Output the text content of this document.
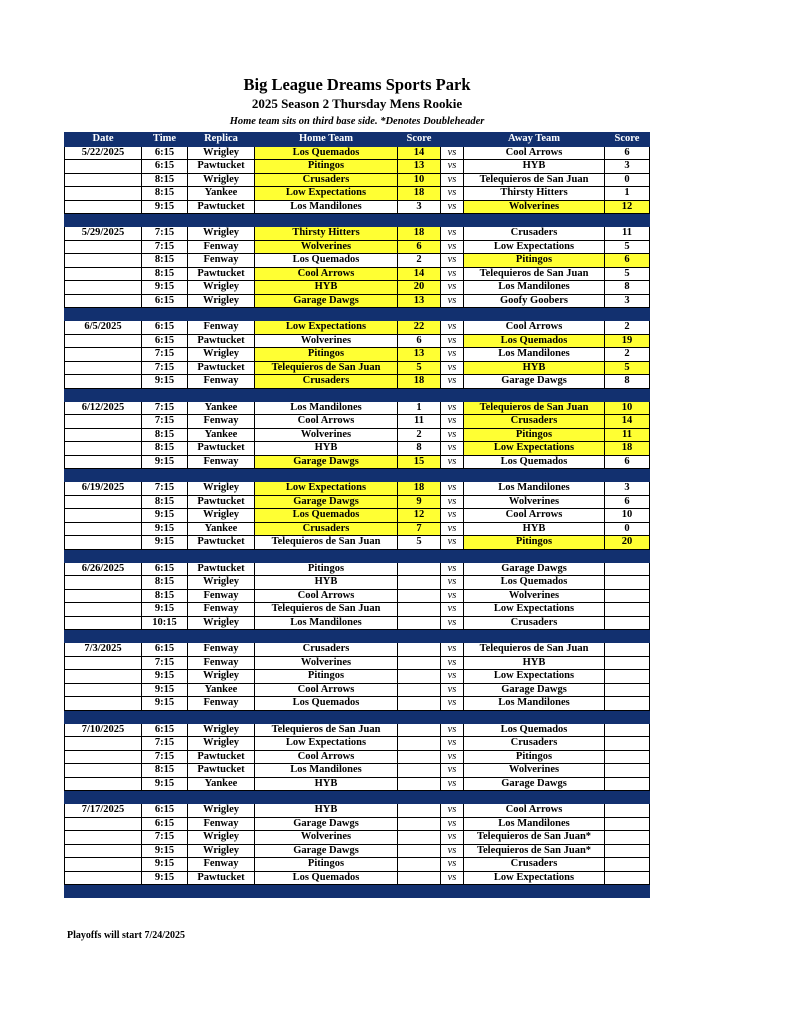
Big League Dreams Sports Park
2025 Season 2 Thursday Mens Rookie
Home team sits on third base side. *Denotes Doubleheader
Date	Time	Replica	Home Team	Score		Away Team	Score
5/22/2025	6:15	Wrigley	Los Quemados	14	vs	Cool Arrows	6
	6:15	Pawtucket	Pitingos	13	vs	HYB	3
	8:15	Wrigley	Crusaders	10	vs	Telequieros de San Juan	0
	8:15	Yankee	Low Expectations	18	vs	Thirsty Hitters	1
	9:15	Pawtucket	Los Mandilones	3	vs	Wolverines	12

5/29/2025	7:15	Wrigley	Thirsty Hitters	18	vs	Crusaders	11
	7:15	Fenway	Wolverines	6	vs	Low Expectations	5
	8:15	Fenway	Los Quemados	2	vs	Pitingos	6
	8:15	Pawtucket	Cool Arrows	14	vs	Telequieros de San Juan	5
	9:15	Wrigley	HYB	20	vs	Los Mandilones	8
	6:15	Wrigley	Garage Dawgs	13	vs	Goofy Goobers	3

6/5/2025	6:15	Fenway	Low Expectations	22	vs	Cool Arrows	2
	6:15	Pawtucket	Wolverines	6	vs	Los Quemados	19
	7:15	Wrigley	Pitingos	13	vs	Los Mandilones	2
	7:15	Pawtucket	Telequieros de San Juan	5	vs	HYB	5
	9:15	Fenway	Crusaders	18	vs	Garage Dawgs	8

6/12/2025	7:15	Yankee	Los Mandilones	1	vs	Telequieros de San Juan	10
	7:15	Fenway	Cool Arrows	11	vs	Crusaders	14
	8:15	Yankee	Wolverines	2	vs	Pitingos	11
	8:15	Pawtucket	HYB	8	vs	Low Expectations	18
	9:15	Fenway	Garage Dawgs	15	vs	Los Quemados	6

6/19/2025	7:15	Wrigley	Low Expectations	18	vs	Los Mandilones	3
	8:15	Pawtucket	Garage Dawgs	9	vs	Wolverines	6
	9:15	Wrigley	Los Quemados	12	vs	Cool Arrows	10
	9:15	Yankee	Crusaders	7	vs	HYB	0
	9:15	Pawtucket	Telequieros de San Juan	5	vs	Pitingos	20

6/26/2025	6:15	Pawtucket	Pitingos		vs	Garage Dawgs	
	8:15	Wrigley	HYB		vs	Los Quemados	
	8:15	Fenway	Cool Arrows		vs	Wolverines	
	9:15	Fenway	Telequieros de San Juan		vs	Low Expectations	
	10:15	Wrigley	Los Mandilones		vs	Crusaders	

7/3/2025	6:15	Fenway	Crusaders		vs	Telequieros de San Juan	
	7:15	Fenway	Wolverines		vs	HYB	
	9:15	Wrigley	Pitingos		vs	Low Expectations	
	9:15	Yankee	Cool Arrows		vs	Garage Dawgs	
	9:15	Fenway	Los Quemados		vs	Los Mandilones	

7/10/2025	6:15	Wrigley	Telequieros de San Juan		vs	Los Quemados	
	7:15	Wrigley	Low Expectations		vs	Crusaders	
	7:15	Pawtucket	Cool Arrows		vs	Pitingos	
	8:15	Pawtucket	Los Mandilones		vs	Wolverines	
	9:15	Yankee	HYB		vs	Garage Dawgs	

7/17/2025	6:15	Wrigley	HYB		vs	Cool Arrows	
	6:15	Fenway	Garage Dawgs		vs	Los Mandilones	
	7:15	Wrigley	Wolverines		vs	Telequieros de San Juan*	
	9:15	Wrigley	Garage Dawgs		vs	Telequieros de San Juan*	
	9:15	Fenway	Pitingos		vs	Crusaders	
	9:15	Pawtucket	Los Quemados		vs	Low Expectations	

Playoffs will start 7/24/2025
